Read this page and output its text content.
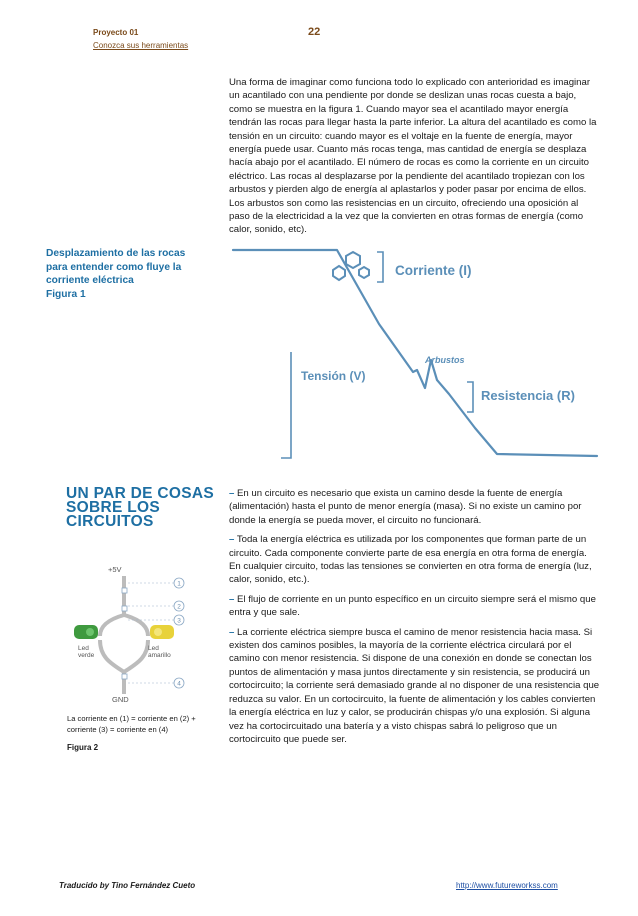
Proyecto 01
Conozca sus herramientas
22
Una forma de imaginar como funciona todo lo explicado con anterioridad es imaginar un acantilado con una pendiente por donde se deslizan unas rocas cuesta a bajo, como se muestra en la figura 1. Cuando mayor sea el acantilado mayor energía tendrán las rocas para llegar hasta la parte inferior. La altura del acantilado es como la tensión en un circuito: cuando mayor es el voltaje en la fuente de energía, mayor energía puede usar. Cuanto más rocas tenga, mas cantidad de energía se desplaza hacía abajo por el acantilado. El número de rocas es como la corriente en un circuito eléctrico. Las rocas al desplazarse por la pendiente del acantilado tropiezan con los arbustos y pierden algo de energía al aplastarlos y poder pasar por encima de ellos. Los arbustos son como las resistencias en un circuito, ofreciendo una oposición al paso de la electricidad a la vez que la convierten en otras formas de energía (como calor, sonido, etc).
Desplazamiento de las rocas para entender como fluye la corriente eléctrica
Figura 1
Corriente (I)
Tensión (V)
Arbustos
Resistencia (R)
UN PAR DE COSAS SOBRE LOS CIRCUITOS
+5V
GND
Led verde
Led amarillo
1
2
3
4
La corriente en (1) = corriente en (2) + corriente (3) = corriente en (4)
Figura 2

– En un circuito es necesario que exista un camino desde la fuente de energía (alimentación) hasta el punto de menor energía (masa). Si no existe un camino por donde la energía se pueda mover, el circuito no funcionará.

– Toda la energía eléctrica es utilizada por los componentes que forman parte de un circuito. Cada componente convierte parte de esa energía en otra forma de energía. En cualquier circuito, todas las tensiones se convierten en otra forma de energía (luz, calor, sonido, etc.).

– El flujo de corriente en un punto específico en un circuito siempre será el mismo que entra y que sale.

– La corriente eléctrica siempre busca el camino de menor resistencia hacia masa. Si existen dos caminos posibles, la mayoría de la corriente eléctrica circulará por el camino con menor resistencia. Si dispone de una conexión en donde se conectan los puntos de alimentación y masa juntos directamente y sin resistencia, se producirá un cortocircuito; la corriente será demasiado grande al no disponer de una resistencia que reduzca su valor. En un cortocircuito, la fuente de alimentación y los cables convierten la energía eléctrica en luz y calor, se producirán chispas y/o una explosión. Si alguna vez ha cortocircuitado una batería y a visto chispas sabrá lo peligroso que un cortocircuito que puede ser.

Traducido by Tino Fernández Cueto	http://www.futureworkss.com
